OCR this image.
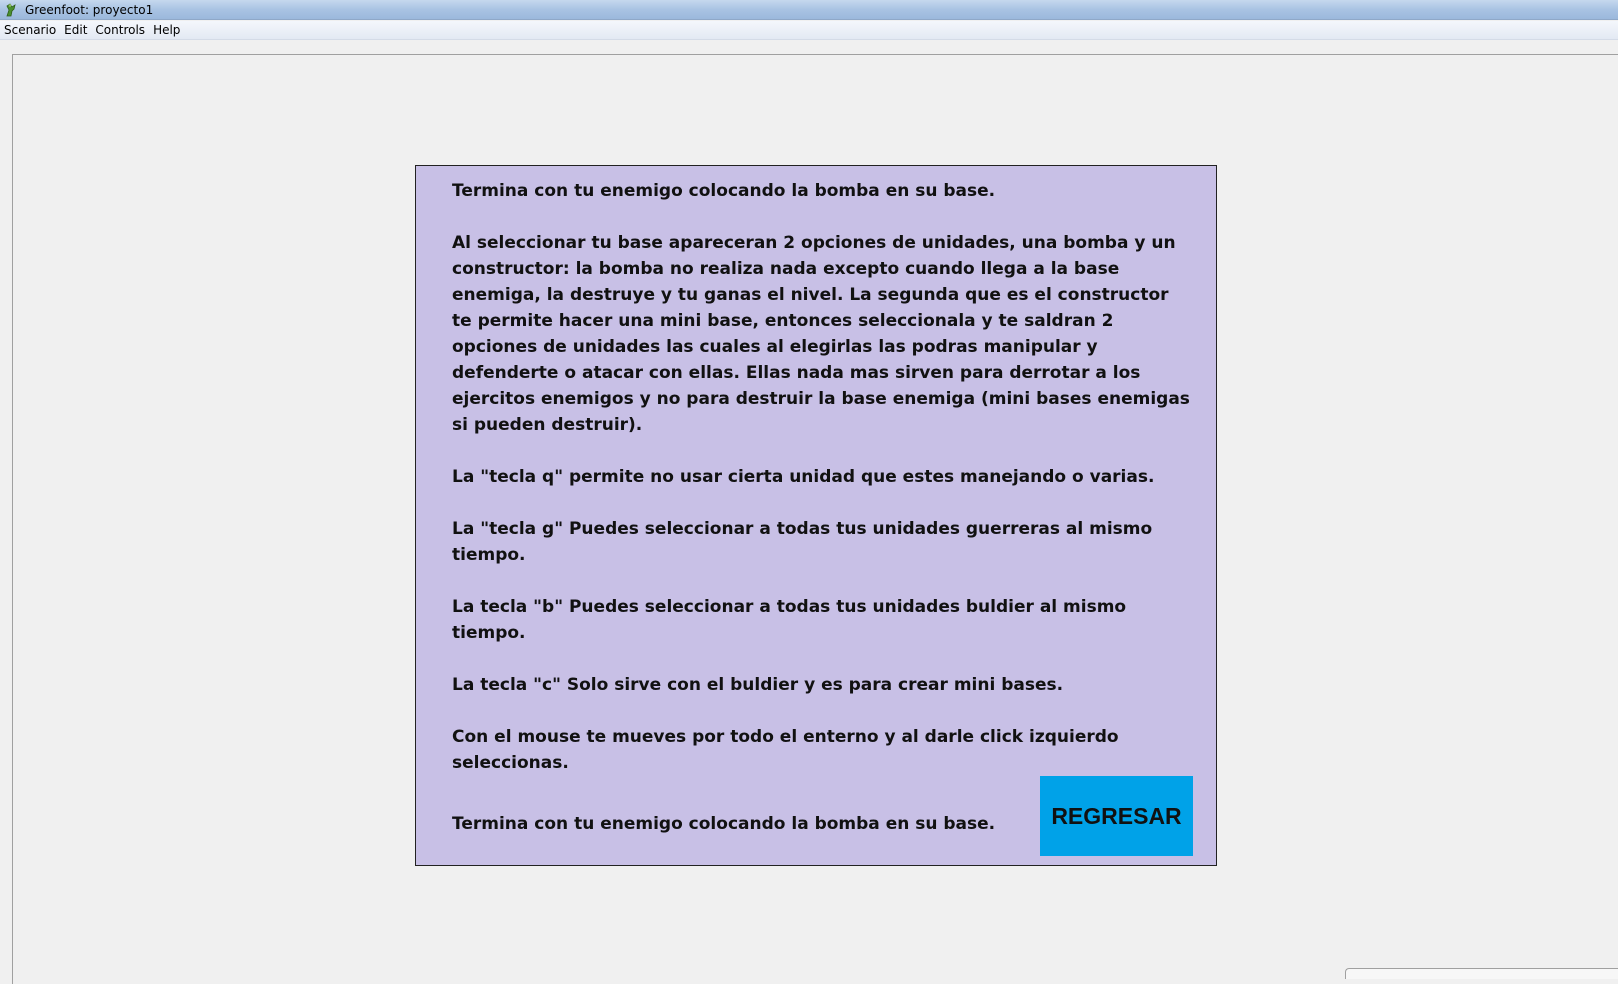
Greenfoot: proyecto1
Scenario Edit Controls Help

Termina con tu enemigo colocando la bomba en su base.

Al seleccionar tu base apareceran 2 opciones de unidades, una bomba y un constructor: la bomba no realiza nada excepto cuando llega a la base enemiga, la destruye y tu ganas el nivel. La segunda que es el constructor te permite hacer una mini base, entonces seleccionala y te saldran 2 opciones de unidades las cuales al elegirlas las podras manipular y defenderte o atacar con ellas. Ellas nada mas sirven para derrotar a los ejercitos enemigos y no para destruir la base enemiga (mini bases enemigas si pueden destruir).

La "tecla q" permite no usar cierta unidad que estes manejando o varias.

La "tecla g" Puedes seleccionar a todas tus unidades guerreras al mismo tiempo.

La tecla "b" Puedes seleccionar a todas tus unidades buldier al mismo tiempo.

La tecla "c" Solo sirve con el buldier y es para crear mini bases.

Con el mouse te mueves por todo el enterno y al darle click izquierdo seleccionas.

Termina con tu enemigo colocando la bomba en su base.	REGRESAR
